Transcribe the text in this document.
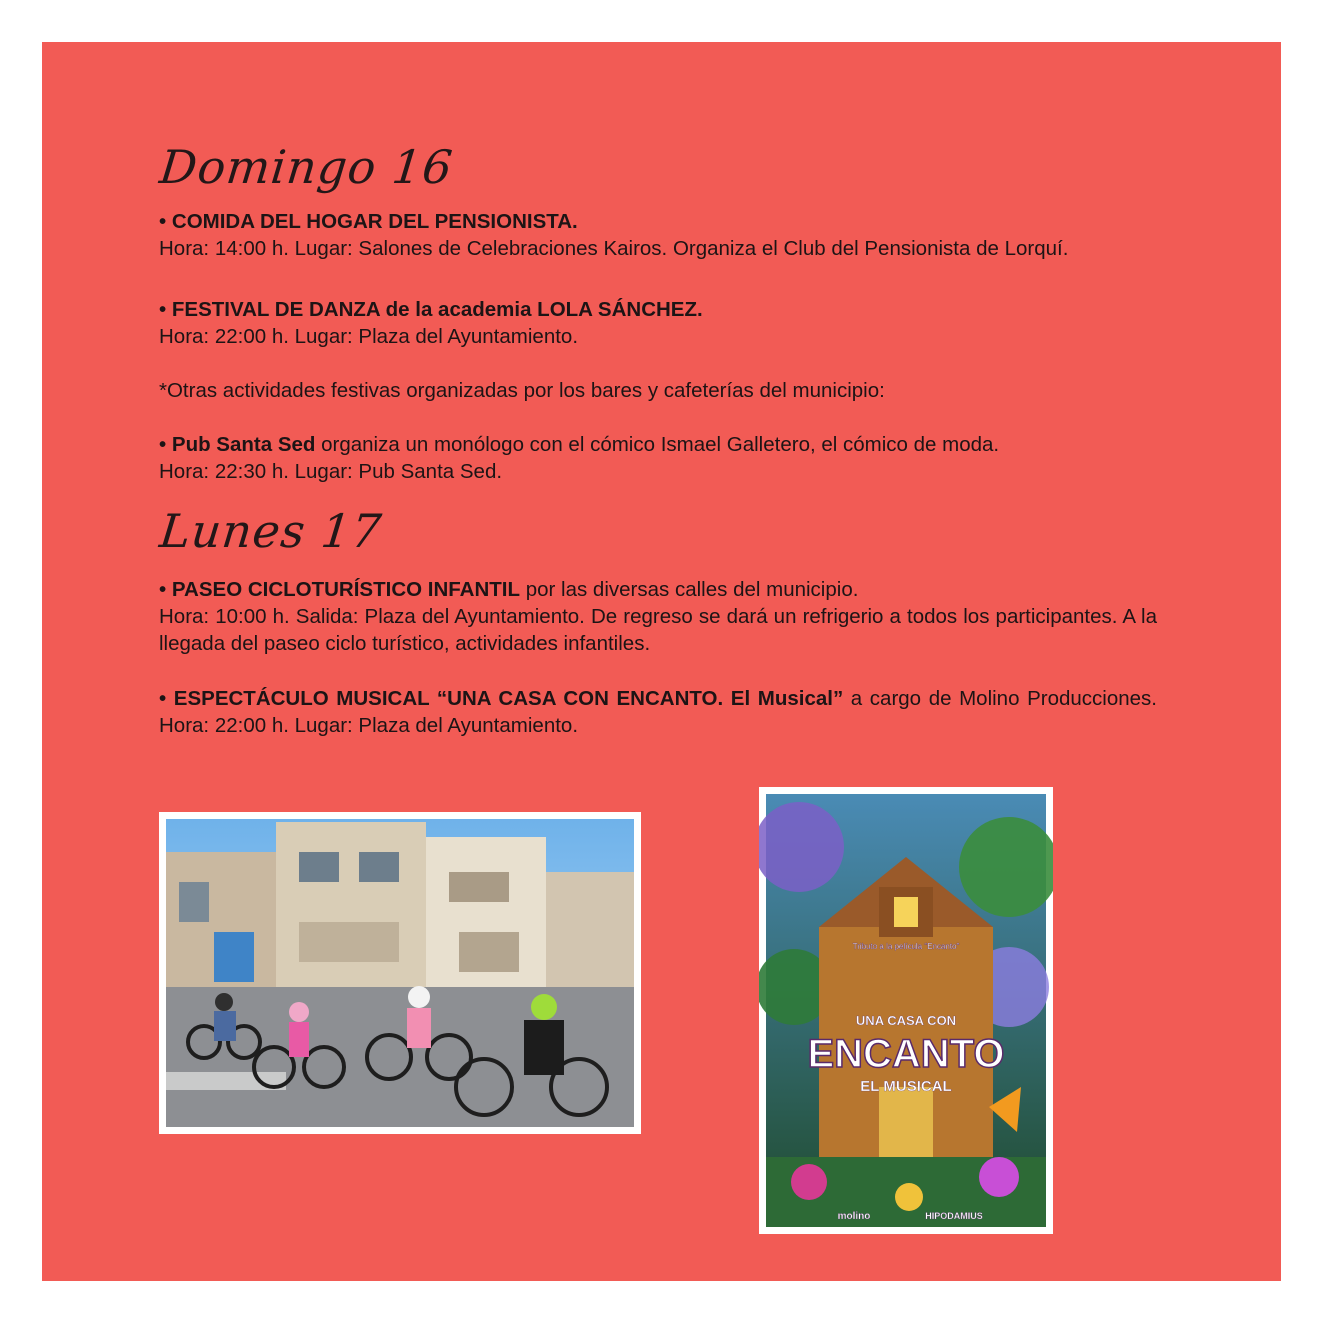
Domingo 16

• COMIDA DEL HOGAR DEL PENSIONISTA.

Hora: 14:00 h. Lugar: Salones de Celebraciones Kairos. Organiza el Club del Pensionista de Lorquí.

• FESTIVAL DE DANZA de la academia LOLA SÁNCHEZ.

Hora: 22:00 h. Lugar: Plaza del Ayuntamiento.

*Otras actividades festivas organizadas por los bares y cafeterías del municipio:

• Pub Santa Sed organiza un monólogo con el cómico Ismael Galletero, el cómico de moda.

Hora: 22:30 h. Lugar: Pub Santa Sed.

Lunes 17

• PASEO CICLOTURÍSTICO INFANTIL por las diversas calles del municipio.

Hora: 10:00 h. Salida: Plaza del Ayuntamiento. De regreso se dará un refrigerio a todos los participantes. A la llegada del paseo ciclo turístico, actividades infantiles.

• ESPECTÁCULO MUSICAL “UNA CASA CON ENCANTO. El Musical” a cargo de Molino Producciones. Hora: 22:00 h. Lugar: Plaza del Ayuntamiento.

Tributo a la película "Encanto"
UNA CASA CON
ENCANTO
EL MUSICAL
molino	HIPODAMIUS
